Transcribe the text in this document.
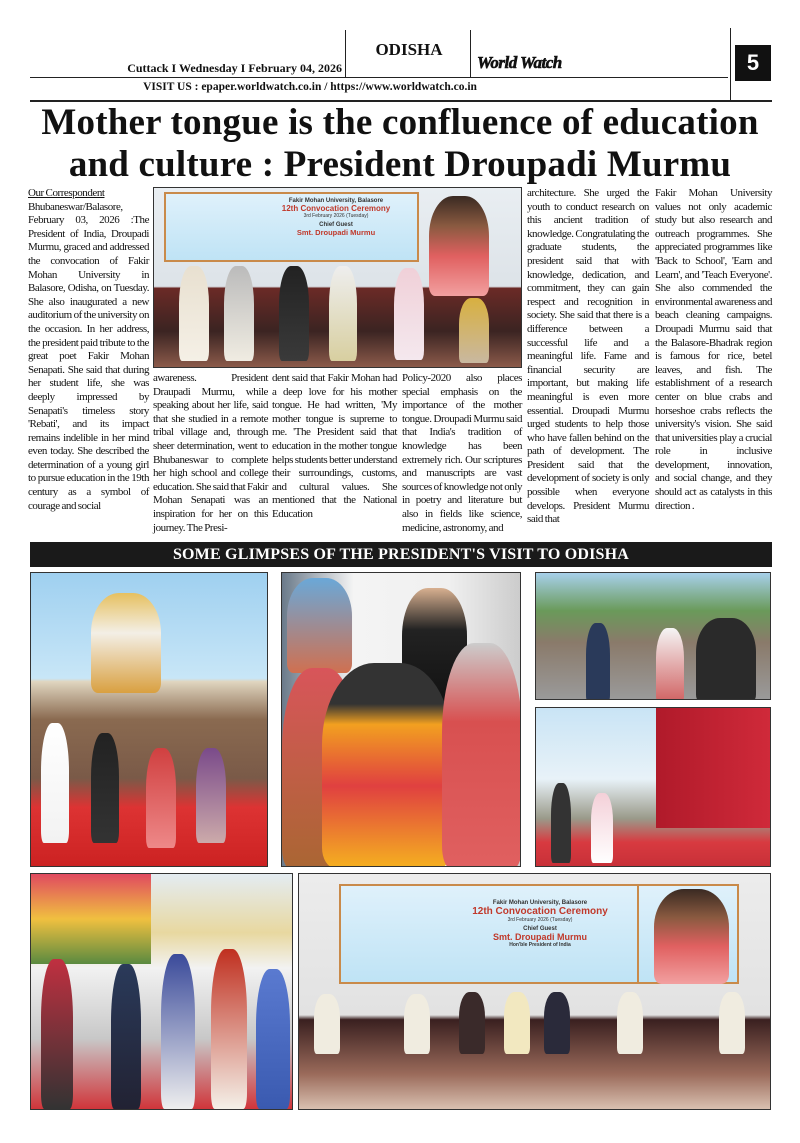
Cuttack I Wednesday I February 04, 2026
ODISHA
World Watch	5
VISIT US : epaper.worldwatch.co.in / https://www.worldwatch.co.in
Mother tongue is the confluence of education
and culture : President Droupadi Murmu
Our Correspondent
Bhubaneswar/Balasore, February 03, 2026 :The President of India, Droupadi Murmu, graced and addressed the convocation of Fakir Mohan University in Balasore, Odisha, on Tuesday. She also inaugurated a new auditorium of the university on the occasion. In her address, the president paid tribute to the great poet Fakir Mohan Senapati. She said that during her student life, she was deeply impressed by Senapati's timeless story 'Rebati', and its impact remains indelible in her mind even today. She described the determination of a young girl to pursue education in the 19th century as a symbol of courage and social
Fakir Mohan University, Balasore
12th Convocation Ceremony
3rd February 2026 (Tuesday)
Chief Guest
Smt. Droupadi Murmu
awareness. President Draupadi Murmu, while speaking about her life, said that she studied in a remote tribal village and, through sheer determination, went to Bhubaneswar to complete her high school and college education. She said that Fakir Mohan Senapati was an inspiration for her on this journey. The Presi-
dent said that Fakir Mohan had a deep love for his mother tongue. He had written, 'My mother tongue is supreme to me. 'The President said that education in the mother tongue helps students better understand their surroundings, customs, and cultural values. She mentioned that the National Education
Policy-2020 also places special emphasis on the importance of the mother tongue. Droupadi Murmu said that India's tradition of knowledge has been extremely rich. Our scriptures and manuscripts are vast sources of knowledge not only in poetry and literature but also in fields like science, medicine, astronomy, and
architecture. She urged the youth to conduct research on this ancient tradition of knowledge. Congratulating the graduate students, the president said that with knowledge, dedication, and commitment, they can gain respect and recognition in society. She said that there is a difference between a successful life and a meaningful life. Fame and financial security are important, but making life meaningful is even more essential. Droupadi Murmu urged students to help those who have fallen behind on the path of development. The President said that the development of society is only possible when everyone develops. President Murmu said that
Fakir Mohan University values not only academic study but also research and outreach programmes. She appreciated programmes like 'Back to School', 'Earn and Learn', and 'Teach Everyone'. She also commended the environmental awareness and beach cleaning campaigns. Droupadi Murmu said that the Balasore-Bhadrak region is famous for rice, betel leaves, and fish. The establishment of a research center on blue crabs and horseshoe crabs reflects the university's vision. She said that universities play a crucial role in inclusive development, innovation, and social change, and they should act as catalysts in this direction .
SOME GLIMPSES OF THE PRESIDENT'S VISIT TO ODISHA
Fakir Mohan University, Balasore
12th Convocation Ceremony
3rd February 2026 (Tuesday)
Chief Guest
Smt. Droupadi Murmu
Hon'ble President of India
